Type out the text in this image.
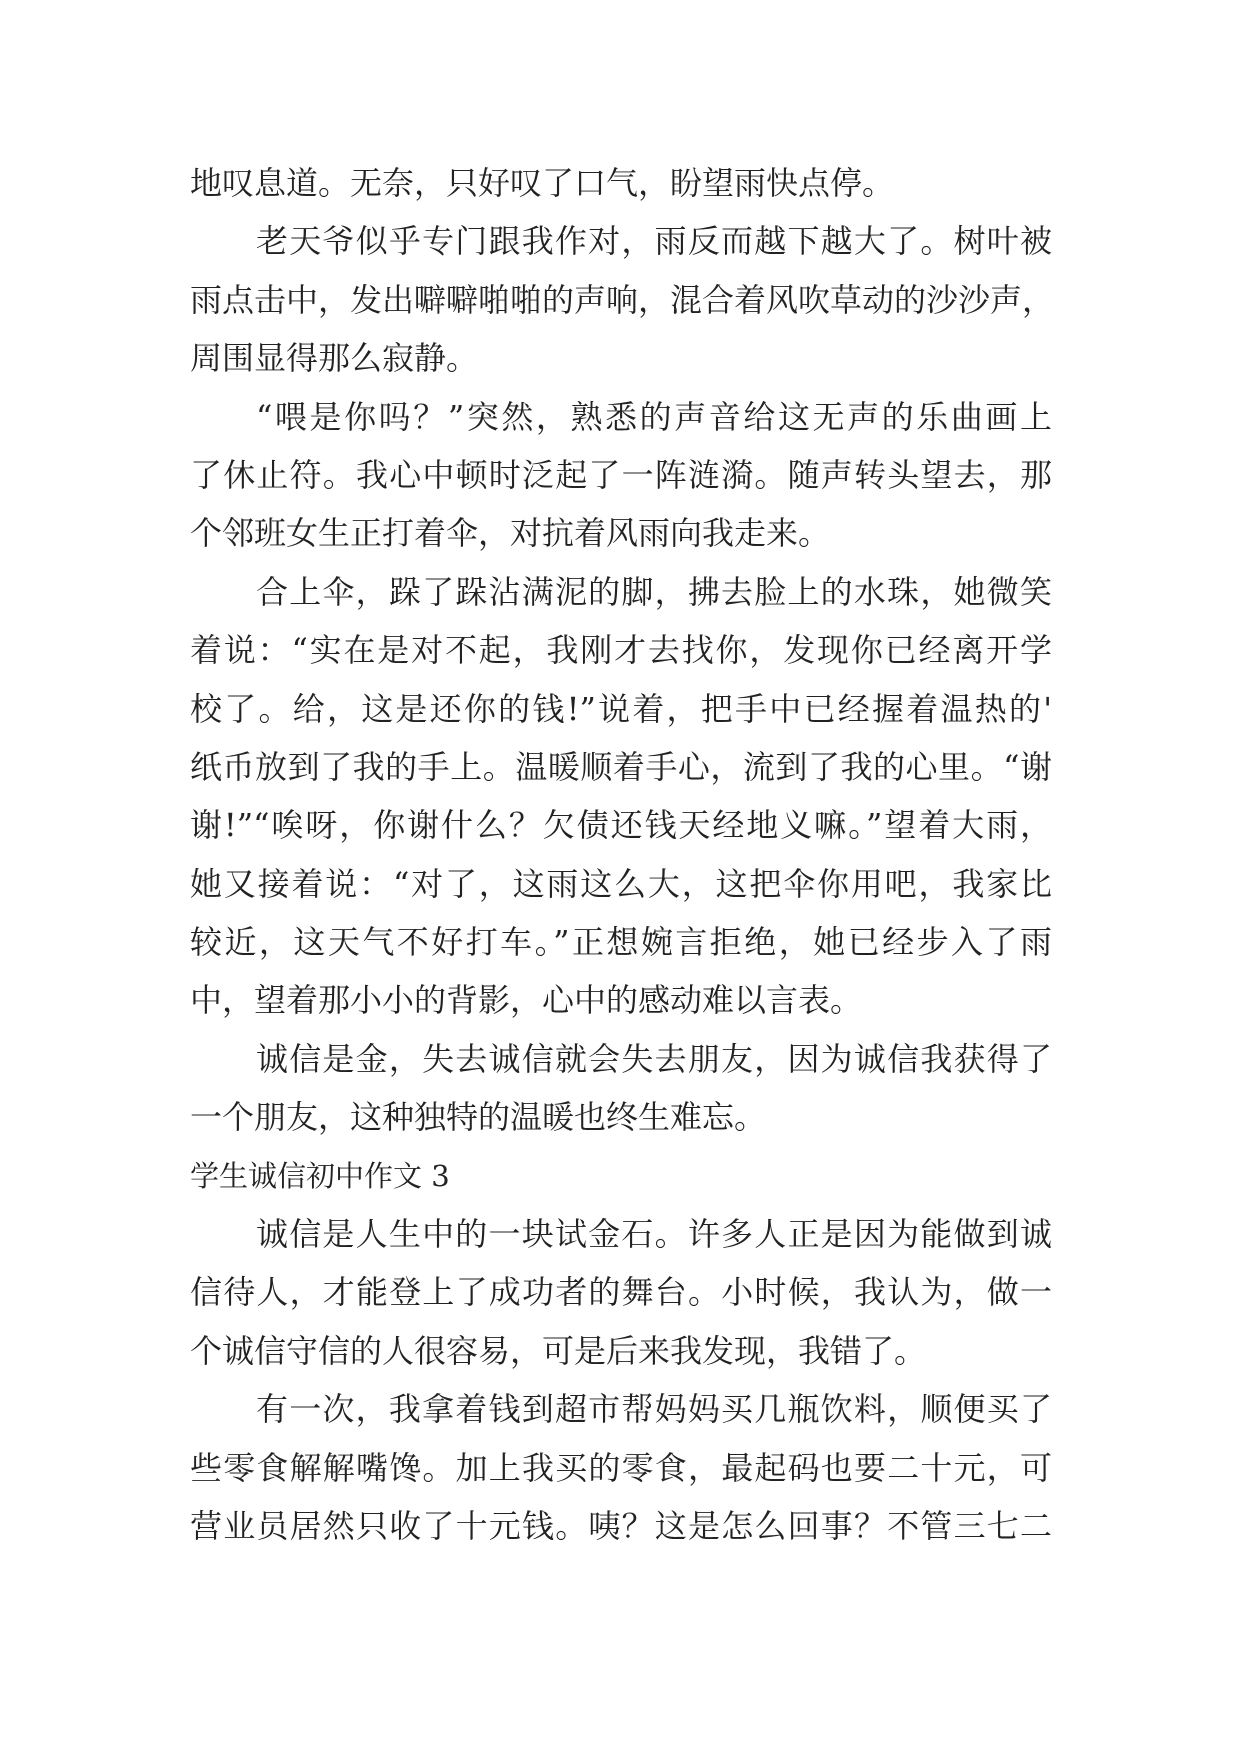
地叹息道。无奈，只好叹了口气，盼望雨快点停。
老天爷似乎专门跟我作对，雨反而越下越大了。树叶被
雨点击中，发出噼噼啪啪的声响，混合着风吹草动的沙沙声，
周围显得那么寂静。
“喂是你吗？”突然，熟悉的声音给这无声的乐曲画上
了休止符。我心中顿时泛起了一阵涟漪。随声转头望去，那
个邻班女生正打着伞，对抗着风雨向我走来。
合上伞，跺了跺沾满泥的脚，拂去脸上的水珠，她微笑
着说：“实在是对不起，我刚才去找你，发现你已经离开学
校了。给，这是还你的钱!”说着，把手中已经握着温热的'
纸币放到了我的手上。温暖顺着手心，流到了我的心里。“谢
谢!”“唉呀，你谢什么？欠债还钱天经地义嘛。”望着大雨，
她又接着说：“对了，这雨这么大，这把伞你用吧，我家比
较近，这天气不好打车。”正想婉言拒绝，她已经步入了雨
中，望着那小小的背影，心中的感动难以言表。
诚信是金，失去诚信就会失去朋友，因为诚信我获得了
一个朋友，这种独特的温暖也终生难忘。
学生诚信初中作文 3
诚信是人生中的一块试金石。许多人正是因为能做到诚
信待人，才能登上了成功者的舞台。小时候，我认为，做一
个诚信守信的人很容易，可是后来我发现，我错了。
有一次，我拿着钱到超市帮妈妈买几瓶饮料，顺便买了
些零食解解嘴馋。加上我买的零食，最起码也要二十元，可
营业员居然只收了十元钱。咦？这是怎么回事？不管三七二
